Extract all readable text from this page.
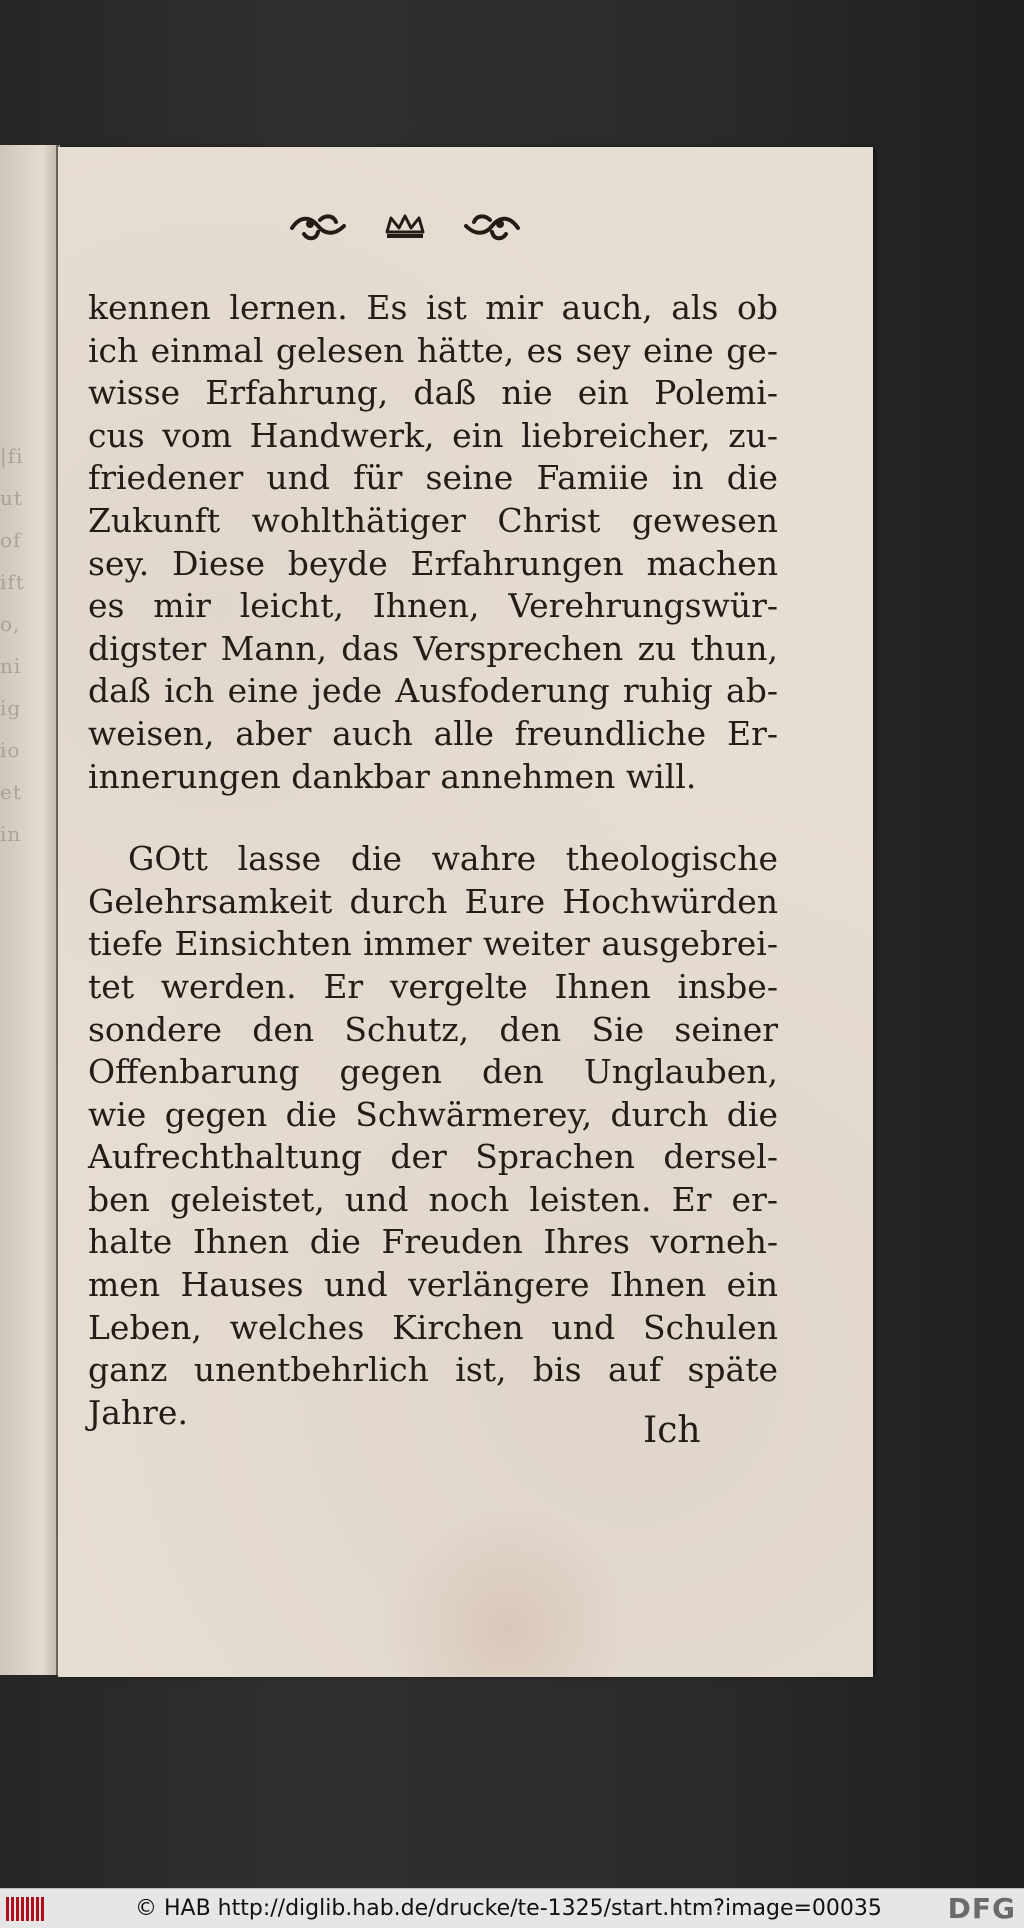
|fi
ut
of
ift
o,
ni
ig
io
et
in
kennen lernen. Es ist mir auch, als ob
ich einmal gelesen hätte, es sey eine ge-
wisse Erfahrung, daß nie ein Polemi-
cus vom Handwerk, ein liebreicher, zu-
friedener und für seine Famiie in die
Zukunft wohlthätiger Christ gewesen
sey. Diese beyde Erfahrungen machen
es mir leicht, Ihnen, Verehrungswür-
digster Mann, das Versprechen zu thun,
daß ich eine jede Ausfoderung ruhig ab-
weisen, aber auch alle freundliche Er-
innerungen dankbar annehmen will.
GOtt lasse die wahre theologische
Gelehrsamkeit durch Eure Hochwürden
tiefe Einsichten immer weiter ausgebrei-
tet werden. Er vergelte Ihnen insbe-
sondere den Schutz, den Sie seiner
Offenbarung gegen den Unglauben,
wie gegen die Schwärmerey, durch die
Aufrechthaltung der Sprachen dersel-
ben geleistet, und noch leisten. Er er-
halte Ihnen die Freuden Ihres vorneh-
men Hauses und verlängere Ihnen ein
Leben, welches Kirchen und Schulen
ganz unentbehrlich ist, bis auf späte
Jahre.	Ich
© HAB http://diglib.hab.de/drucke/te-1325/start.htm?image=00035 DFG
